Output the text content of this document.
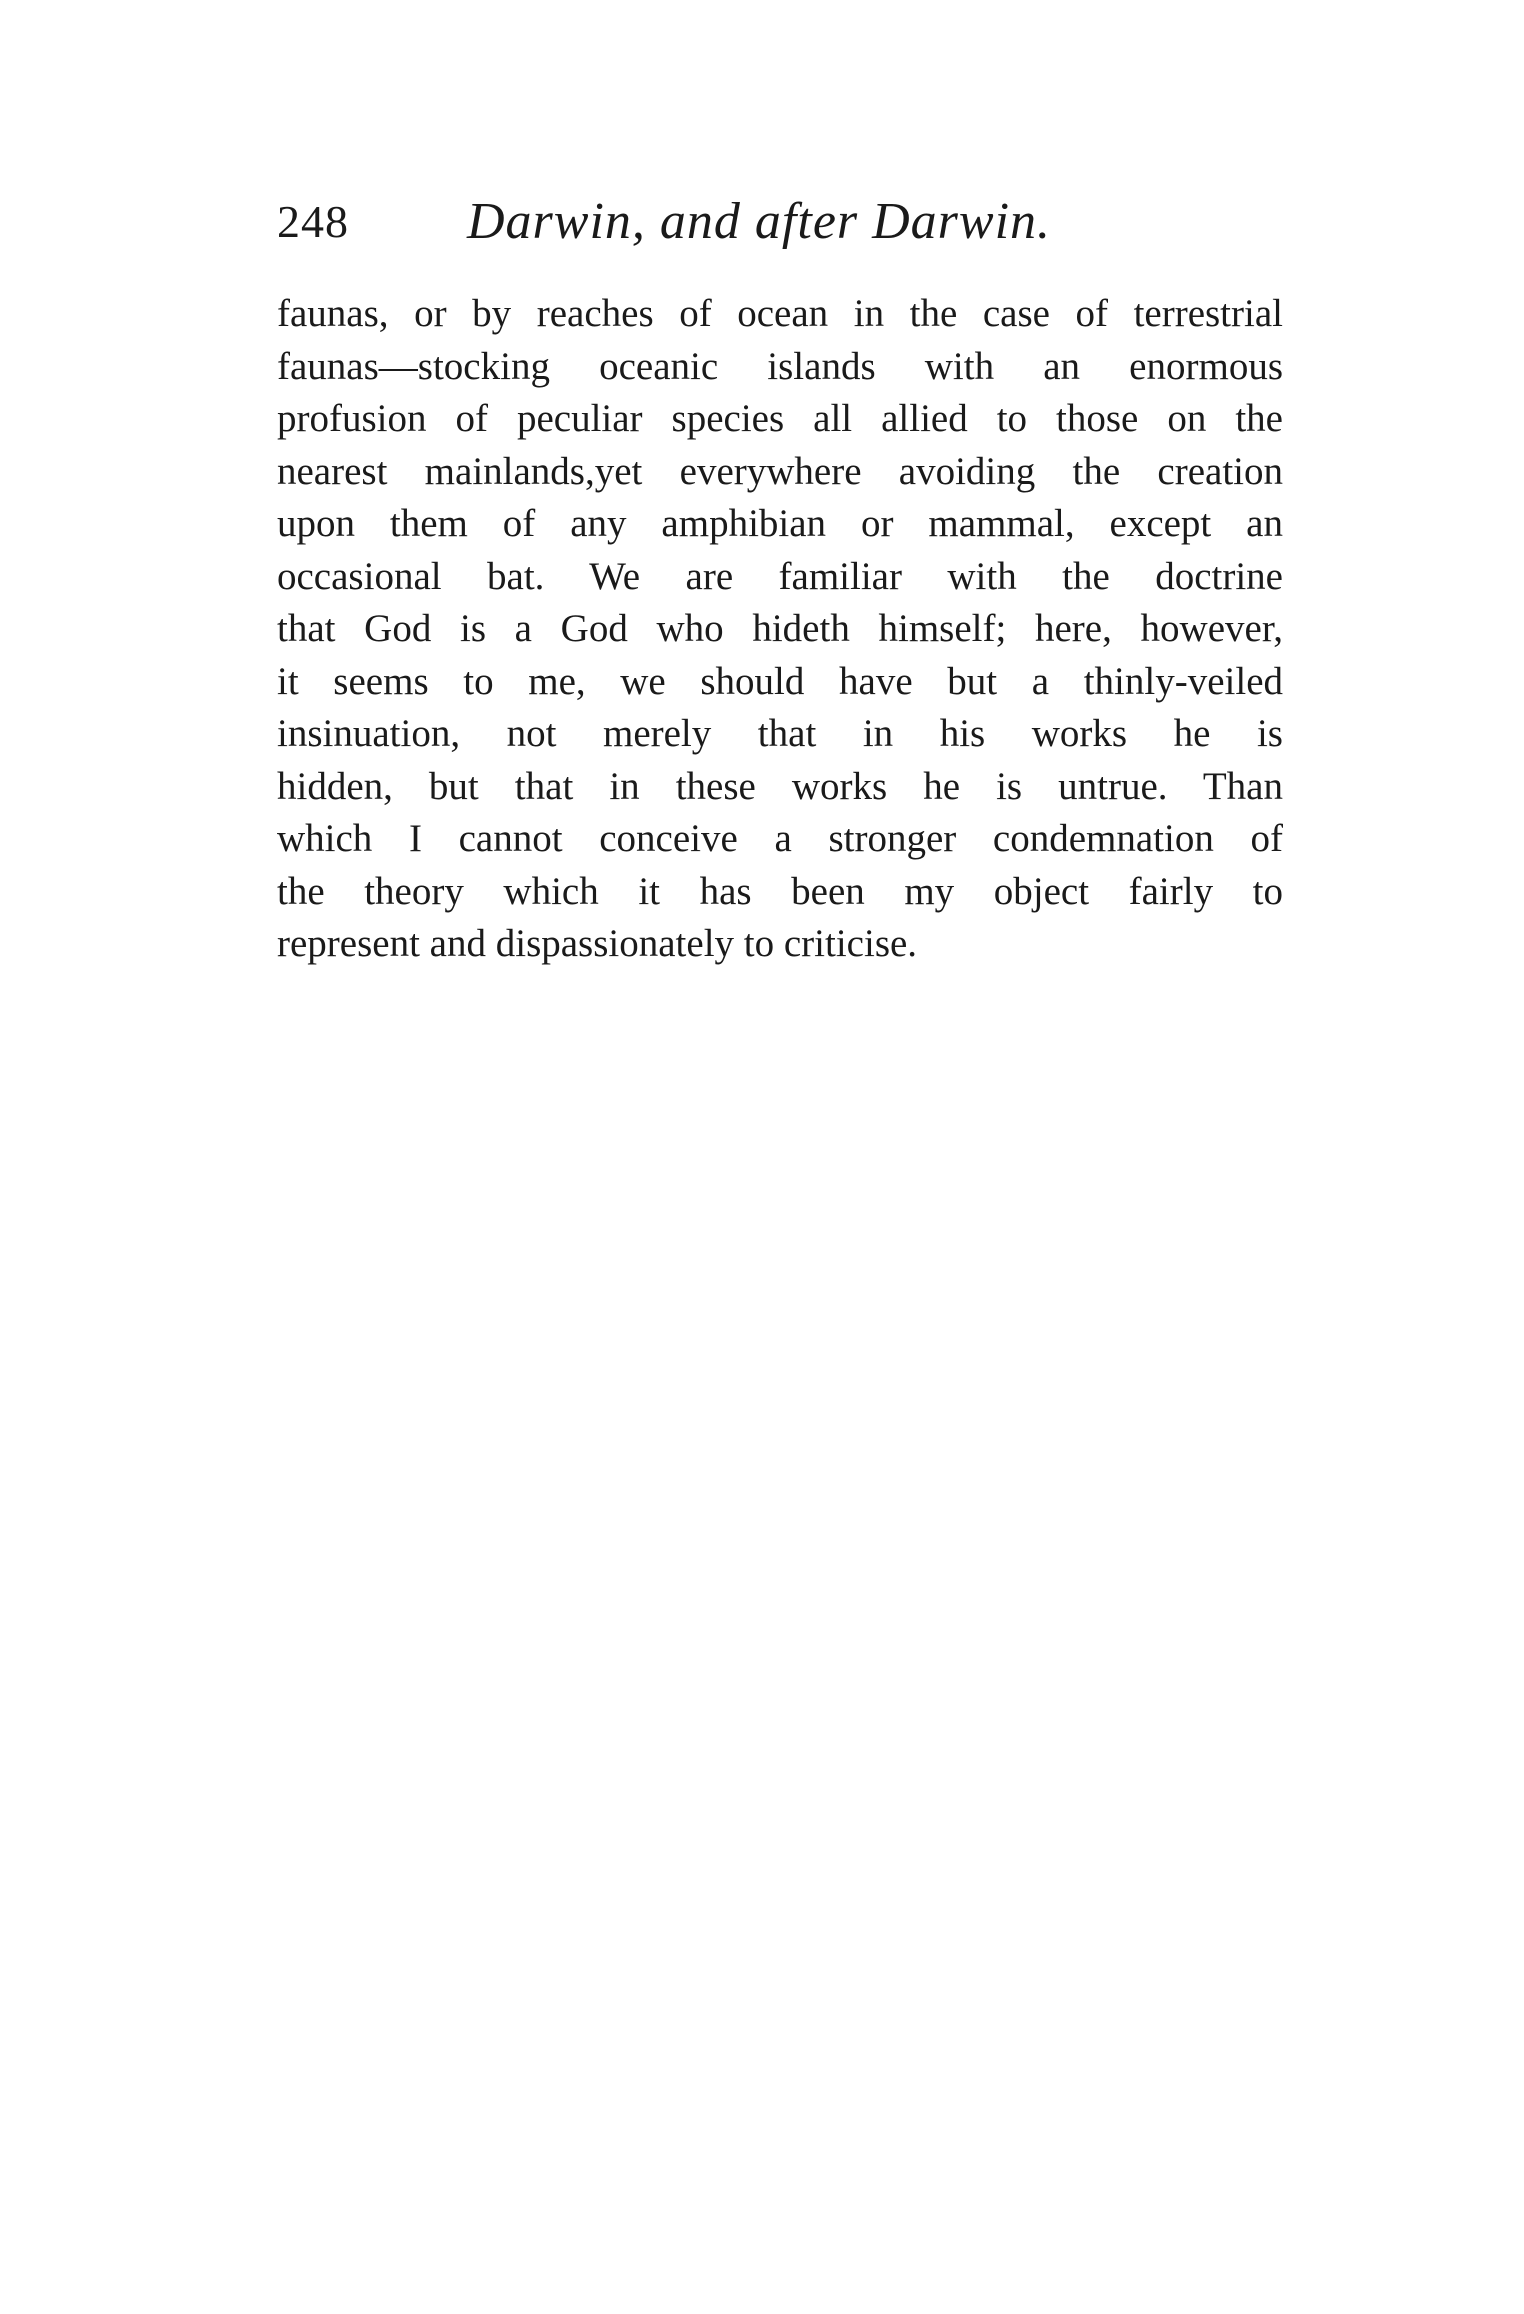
248 Darwin, and after Darwin.
faunas, or by reaches of ocean in the case of terrestrial
faunas—stocking oceanic islands with an enormous
profusion of peculiar species all allied to those on the
nearest mainlands,yet everywhere avoiding the creation
upon them of any amphibian or mammal, except an
occasional bat. We are familiar with the doctrine
that God is a God who hideth himself; here, however,
it seems to me, we should have but a thinly-veiled
insinuation, not merely that in his works he is
hidden, but that in these works he is untrue. Than
which I cannot conceive a stronger condemnation of
the theory which it has been my object fairly to
represent and dispassionately to criticise.
